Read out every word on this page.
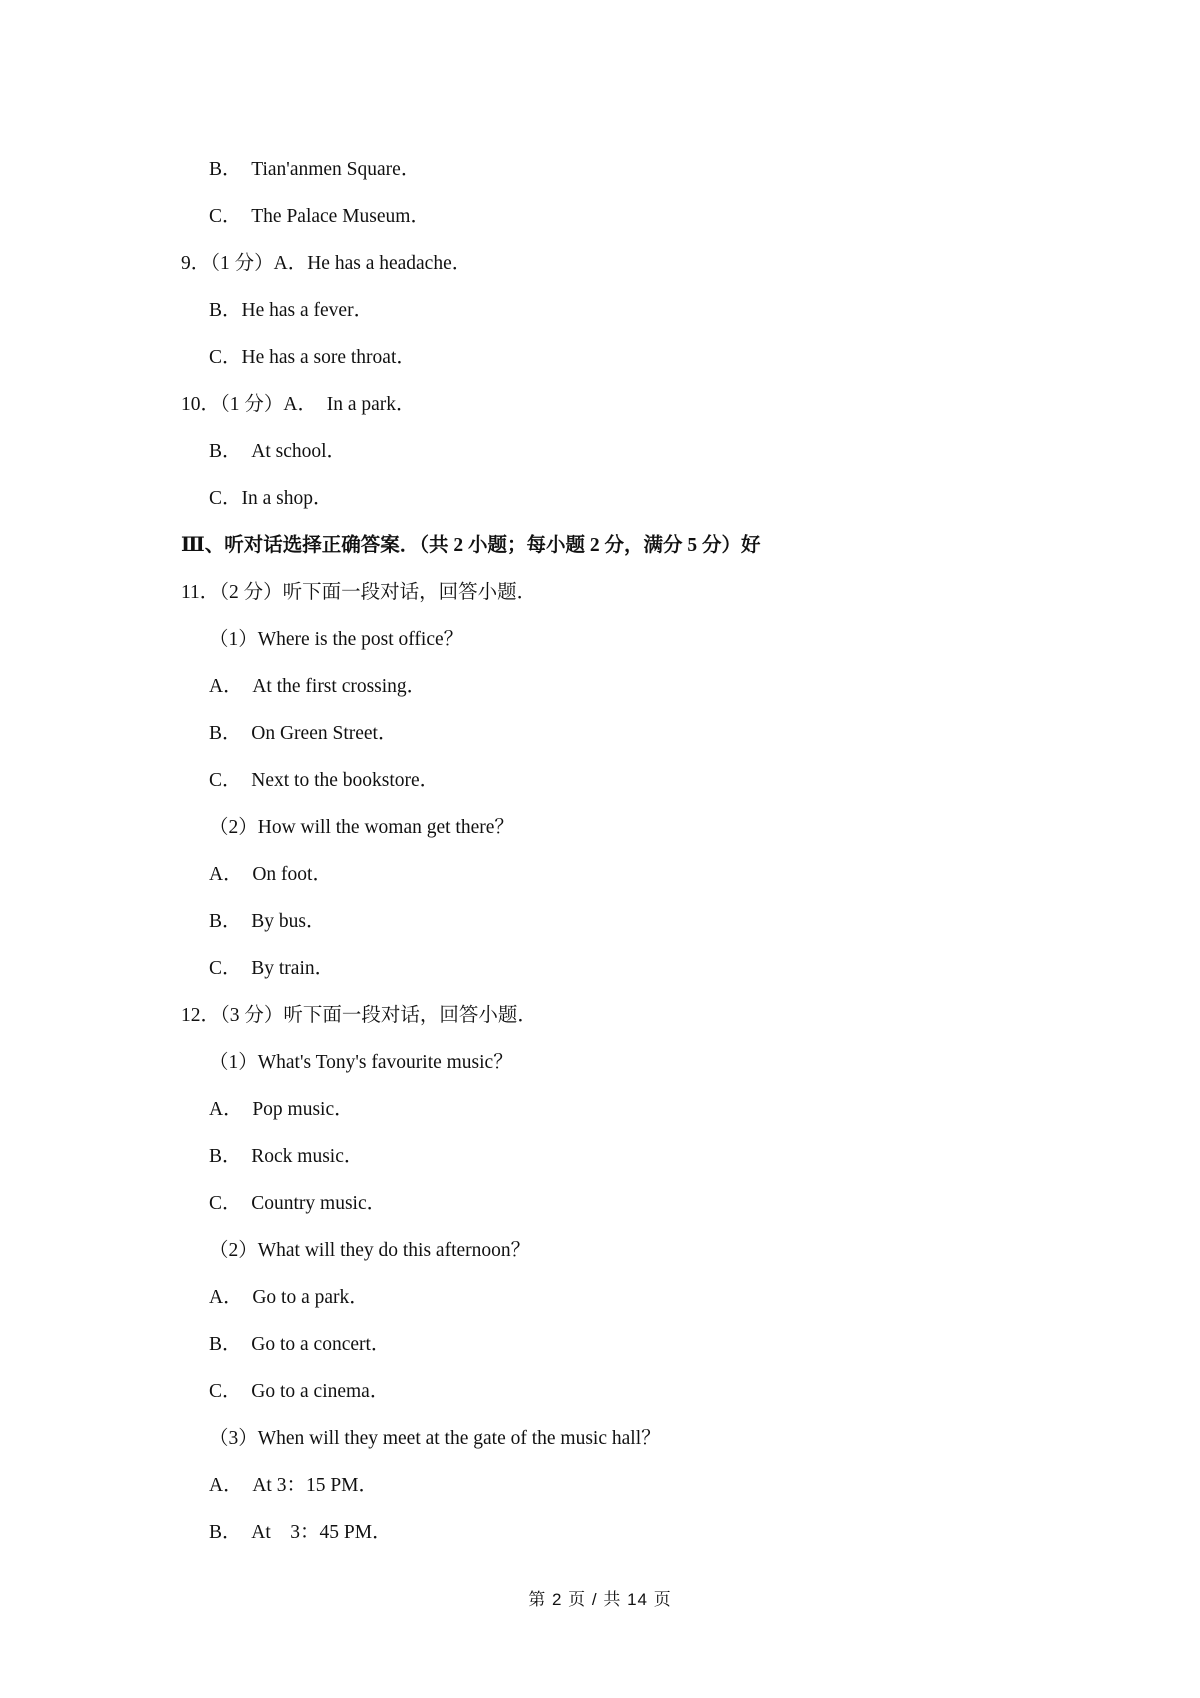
B．　Tian'anmen Square．
C．　The Palace Museum．
9．（1 分）A．He has a headache．
B．He has a fever．
C．He has a sore throat．
10．（1 分）A．　In a park．
B．　At school．
C．In a shop．
Ⅲ、听对话选择正确答案．（共 2 小题；每小题 2 分，满分 5 分）好
11．（2 分）听下面一段对话，回答小题．
（1）Where is the post office？
A．　At the first crossing．
B．　On Green Street．
C．　Next to the bookstore．
（2）How will the woman get there？
A．　On foot．
B．　By bus．
C．　By train．
12．（3 分）听下面一段对话，回答小题．
（1）What's Tony's favourite music？
A．　Pop music．
B．　Rock music．
C．　Country music．
（2）What will they do this afternoon？
A．　Go to a park．
B．　Go to a concert．
C．　Go to a cinema．
（3）When will they meet at the gate of the music hall？
A．　At 3：15 PM．
B．　At　3：45 PM．
第 2 页 / 共 14 页
